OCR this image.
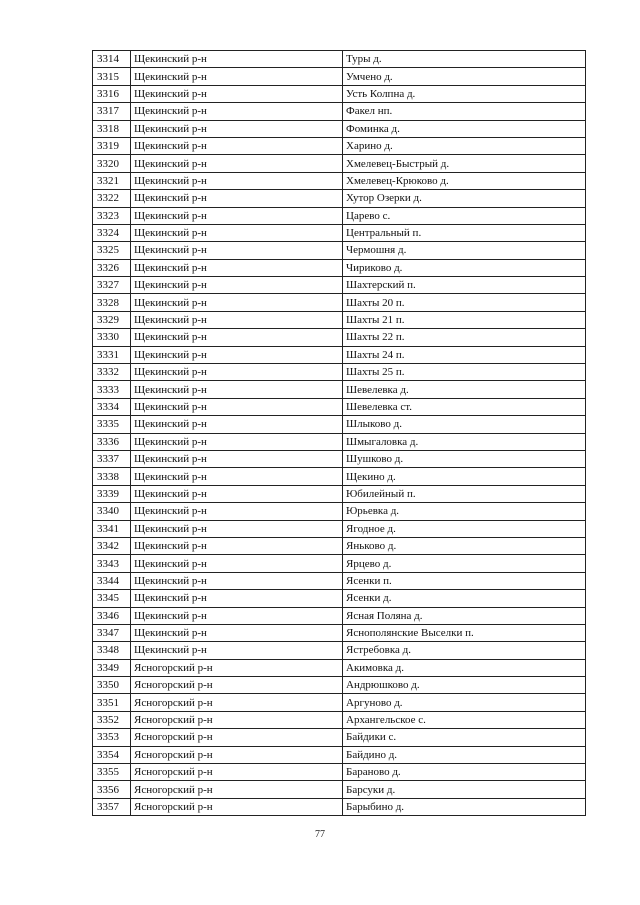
3314	Щекинский р-н	Туры д.
3315	Щекинский р-н	Умчено д.
3316	Щекинский р-н	Усть Колпна д.
3317	Щекинский р-н	Факел нп.
3318	Щекинский р-н	Фоминка д.
3319	Щекинский р-н	Харино д.
3320	Щекинский р-н	Хмелевец-Быстрый д.
3321	Щекинский р-н	Хмелевец-Крюково д.
3322	Щекинский р-н	Хутор Озерки д.
3323	Щекинский р-н	Царево с.
3324	Щекинский р-н	Центральный п.
3325	Щекинский р-н	Чермошня д.
3326	Щекинский р-н	Чириково д.
3327	Щекинский р-н	Шахтерский п.
3328	Щекинский р-н	Шахты 20 п.
3329	Щекинский р-н	Шахты 21 п.
3330	Щекинский р-н	Шахты 22 п.
3331	Щекинский р-н	Шахты 24 п.
3332	Щекинский р-н	Шахты 25 п.
3333	Щекинский р-н	Шевелевка д.
3334	Щекинский р-н	Шевелевка ст.
3335	Щекинский р-н	Шлыково д.
3336	Щекинский р-н	Шмыгаловка д.
3337	Щекинский р-н	Шушково д.
3338	Щекинский р-н	Щекино д.
3339	Щекинский р-н	Юбилейный п.
3340	Щекинский р-н	Юрьевка д.
3341	Щекинский р-н	Ягодное д.
3342	Щекинский р-н	Яньково д.
3343	Щекинский р-н	Ярцево д.
3344	Щекинский р-н	Ясенки п.
3345	Щекинский р-н	Ясенки д.
3346	Щекинский р-н	Ясная Поляна д.
3347	Щекинский р-н	Яснополянские Выселки п.
3348	Щекинский р-н	Ястребовка д.
3349	Ясногорский р-н	Акимовка д.
3350	Ясногорский р-н	Андрюшково д.
3351	Ясногорский р-н	Аргуново д.
3352	Ясногорский р-н	Архангельское с.
3353	Ясногорский р-н	Байдики с.
3354	Ясногорский р-н	Байдино д.
3355	Ясногорский р-н	Бараново д.
3356	Ясногорский р-н	Барсуки д.
3357	Ясногорский р-н	Барыбино д.
77
